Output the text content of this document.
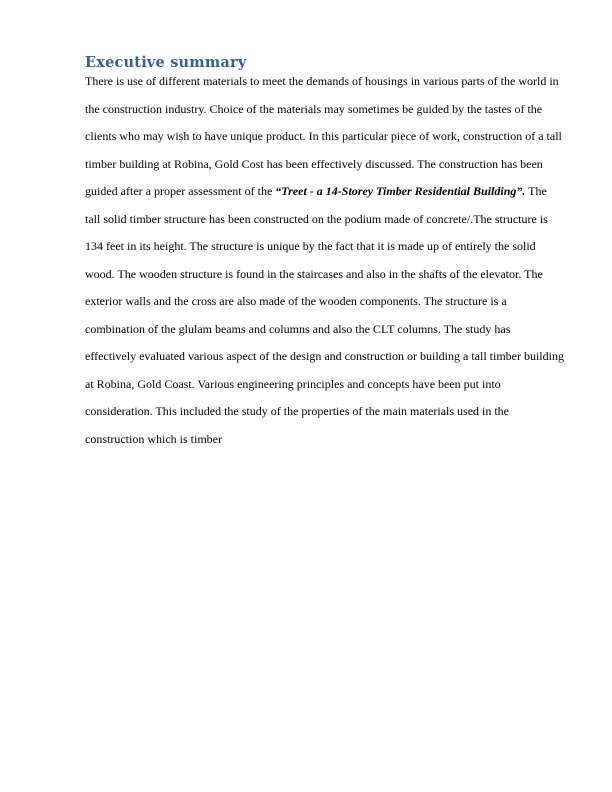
Executive summary
There is use of different materials to meet the demands of housings in various parts of the world in
the construction industry. Choice of the materials may sometimes be guided by the tastes of the
clients who may wish to have unique product. In this particular piece of work, construction of a tall
timber building at Robina, Gold Cost has been effectively discussed. The construction has been
guided after a proper assessment of the “Treet - a 14-Storey Timber Residential Building”. The
tall solid timber structure has been constructed on the podium made of concrete/.The structure is
134 feet in its height. The structure is unique by the fact that it is made up of entirely the solid
wood. The wooden structure is found in the staircases and also in the shafts of the elevator. The
exterior walls and the cross are also made of the wooden components. The structure is a
combination of the glulam beams and columns and also the CLT columns. The study has
effectively evaluated various aspect of the design and construction or building a tall timber building
at Robina, Gold Coast. Various engineering principles and concepts have been put into
consideration. This included the study of the properties of the main materials used in the
construction which is timber
